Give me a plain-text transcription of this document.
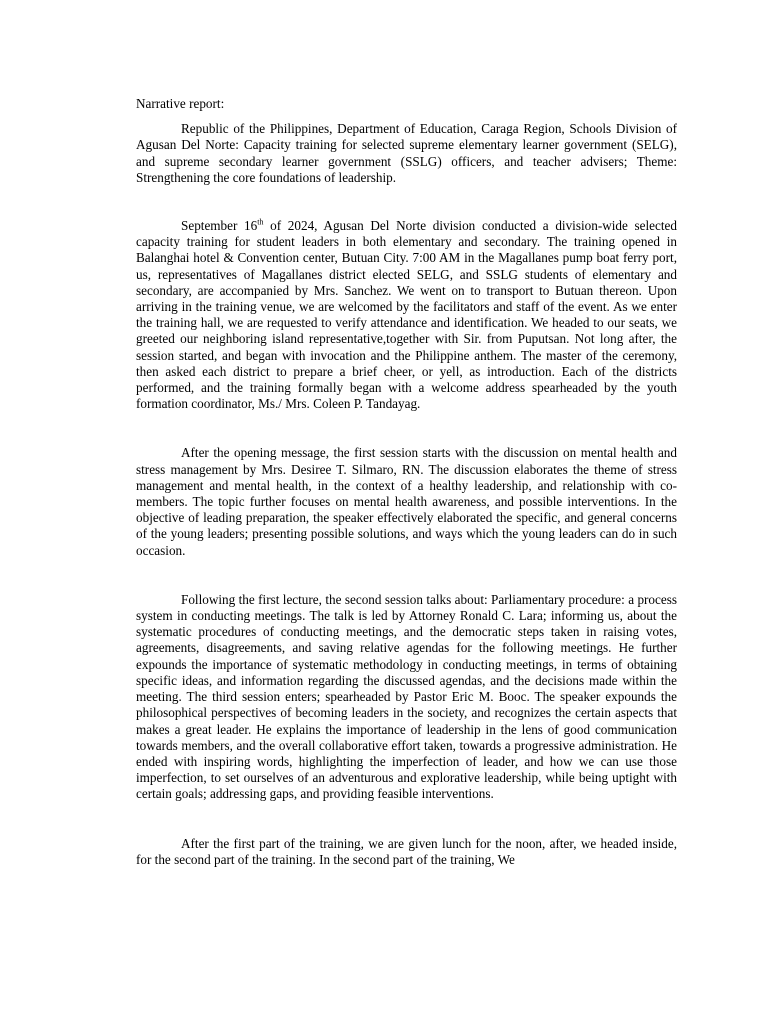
Narrative report:

Republic of the Philippines, Department of Education, Caraga Region, Schools Division of Agusan Del Norte: Capacity training for selected supreme elementary learner government (SELG), and supreme secondary learner government (SSLG) officers, and teacher advisers; Theme: Strengthening the core foundations of leadership.

September 16th of 2024, Agusan Del Norte division conducted a division-wide selected capacity training for student leaders in both elementary and secondary. The training opened in Balanghai hotel & Convention center, Butuan City. 7:00 AM in the Magallanes pump boat ferry port, us, representatives of Magallanes district elected SELG, and SSLG students of elementary and secondary, are accompanied by Mrs. Sanchez. We went on to transport to Butuan thereon. Upon arriving in the training venue, we are welcomed by the facilitators and staff of the event. As we enter the training hall, we are requested to verify attendance and identification. We headed to our seats, we greeted our neighboring island representative,together with Sir. from Puputsan. Not long after, the session started, and began with invocation and the Philippine anthem. The master of the ceremony, then asked each district to prepare a brief cheer, or yell, as introduction. Each of the districts performed, and the training formally began with a welcome address spearheaded by the youth formation coordinator, Ms./ Mrs. Coleen P. Tandayag.

After the opening message, the first session starts with the discussion on mental health and stress management by Mrs. Desiree T. Silmaro, RN. The discussion elaborates the theme of stress management and mental health, in the context of a healthy leadership, and relationship with co-members. The topic further focuses on mental health awareness, and possible interventions. In the objective of leading preparation, the speaker effectively elaborated the specific, and general concerns of the young leaders; presenting possible solutions, and ways which the young leaders can do in such occasion.

Following the first lecture, the second session talks about: Parliamentary procedure: a process system in conducting meetings. The talk is led by Attorney Ronald C. Lara; informing us, about the systematic procedures of conducting meetings, and the democratic steps taken in raising votes, agreements, disagreements, and saving relative agendas for the following meetings. He further expounds the importance of systematic methodology in conducting meetings, in terms of obtaining specific ideas, and information regarding the discussed agendas, and the decisions made within the meeting. The third session enters; spearheaded by Pastor Eric M. Booc. The speaker expounds the philosophical perspectives of becoming leaders in the society, and recognizes the certain aspects that makes a great leader. He explains the importance of leadership in the lens of good communication towards members, and the overall collaborative effort taken, towards a progressive administration. He ended with inspiring words, highlighting the imperfection of leader, and how we can use those imperfection, to set ourselves of an adventurous and explorative leadership, while being uptight with certain goals; addressing gaps, and providing feasible interventions.

After the first part of the training, we are given lunch for the noon, after, we headed inside, for the second part of the training. In the second part of the training, We
